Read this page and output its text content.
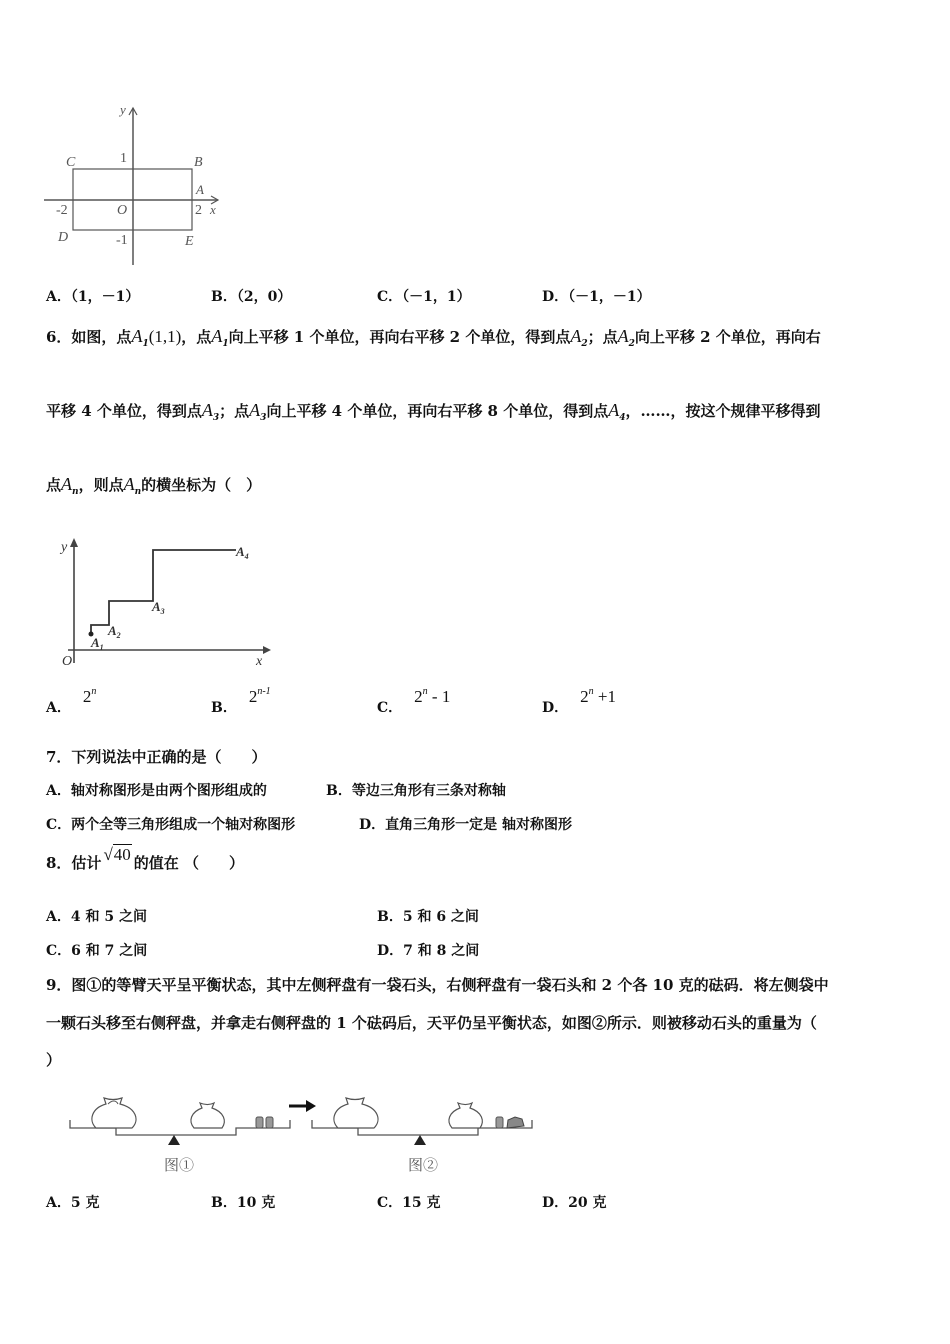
y
C	1	B
A
-2	O	2 x
D	-1	E
A．（1，－1）	B．（2，0）	C．（－1，1）	D．（－1，－1）
6．如图，点$A_1(1,1)$，点$A_1$向上平移 1 个单位，再向右平移 2 个单位，得到点$A_2$；点$A_2$向上平移 2 个单位，再向右
平移 4 个单位，得到点$A_3$；点$A_3$向上平移 4 个单位，再向右平移 8 个单位，得到点$A_4$，……，按这个规律平移得到
点$A_n$，则点$A_n$的横坐标为（　）
y
O	x
$A_1$
$A_2$
$A_3$
$A_4$
A．2$^n$
B．2$^{n-1}$
C．2$^n$ - 1
D．$2^n +1$
7．下列说法中正确的是（　　）
A．轴对称图形是由两个图形组成的	B．等边三角形有三条对称轴
C．两个全等三角形组成一个轴对称图形	D．直角三角形一定是 轴对称图形
8．估计 √40 的值在 （　　）
A．4 和 5 之间	B．5 和 6 之间
C．6 和 7 之间	D．7 和 8 之间
9．图①的等臂天平呈平衡状态，其中左侧秤盘有一袋石头，右侧秤盘有一袋石头和 2 个各 10 克的砝码．将左侧袋中
一颗石头移至右侧秤盘，并拿走右侧秤盘的 1 个砝码后，天平仍呈平衡状态，如图②所示．则被移动石头的重量为（
）
图①	图②
A．5 克	B．10 克	C．15 克	D．20 克
